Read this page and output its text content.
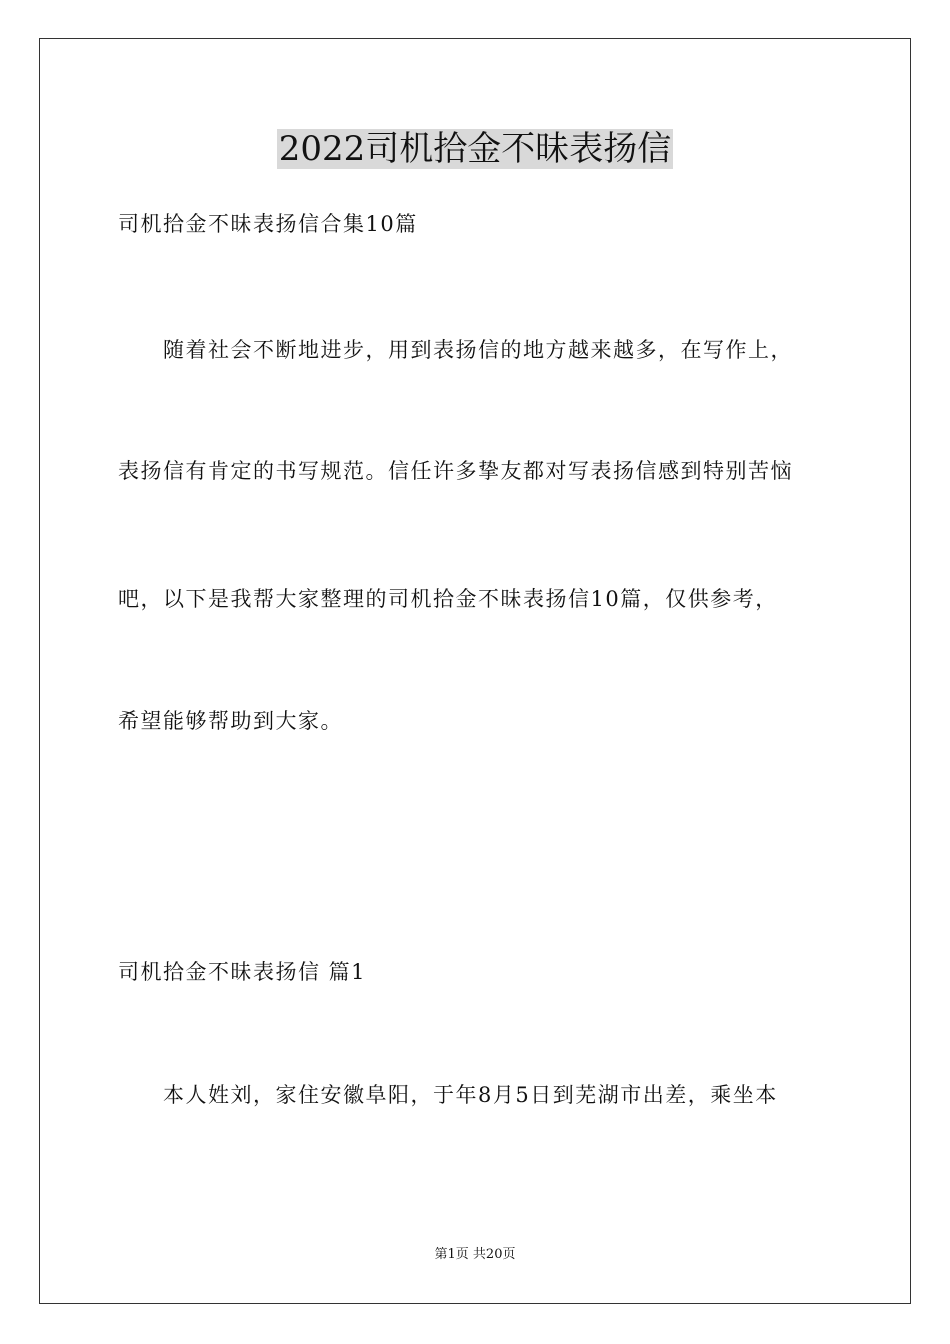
2022司机拾金不昧表扬信
司机拾金不昧表扬信合集10篇
随着社会不断地进步，用到表扬信的地方越来越多，在写作上，
表扬信有肯定的书写规范。信任许多挚友都对写表扬信感到特别苦恼
吧，以下是我帮大家整理的司机拾金不昧表扬信10篇，仅供参考，
希望能够帮助到大家。
司机拾金不昧表扬信 篇1
本人姓刘，家住安徽阜阳，于年8月5日到芜湖市出差，乘坐本
第1页 共20页
